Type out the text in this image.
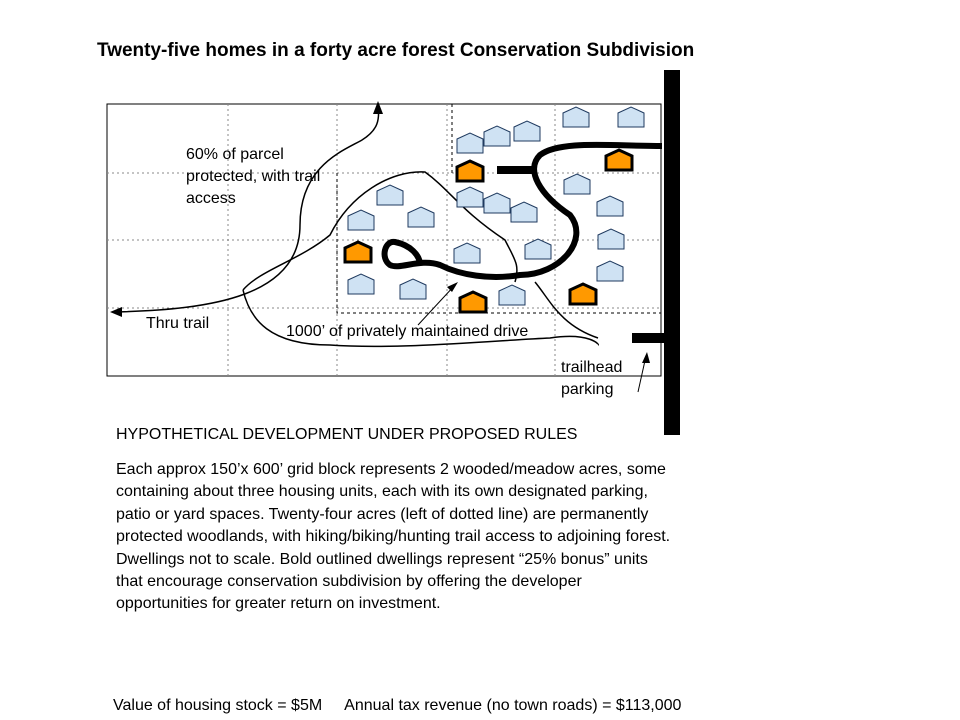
Twenty-five homes in a forty acre forest Conservation Subdivision
60% of parcel protected, with trail access
Thru trail	1000’ of privately maintained drive
trailhead parking
HYPOTHETICAL DEVELOPMENT UNDER PROPOSED RULES
Each approx 150’x 600’ grid block represents 2 wooded/meadow acres, some containing about three housing units, each with its own designated parking, patio or yard spaces. Twenty-four acres (left of dotted line) are permanently protected woodlands, with hiking/biking/hunting trail access to adjoining forest. Dwellings not to scale. Bold outlined dwellings represent “25% bonus” units that encourage conservation subdivision by offering the developer opportunities for greater return on investment.
Value of housing stock = $5M Annual tax revenue (no town roads) = $113,000
